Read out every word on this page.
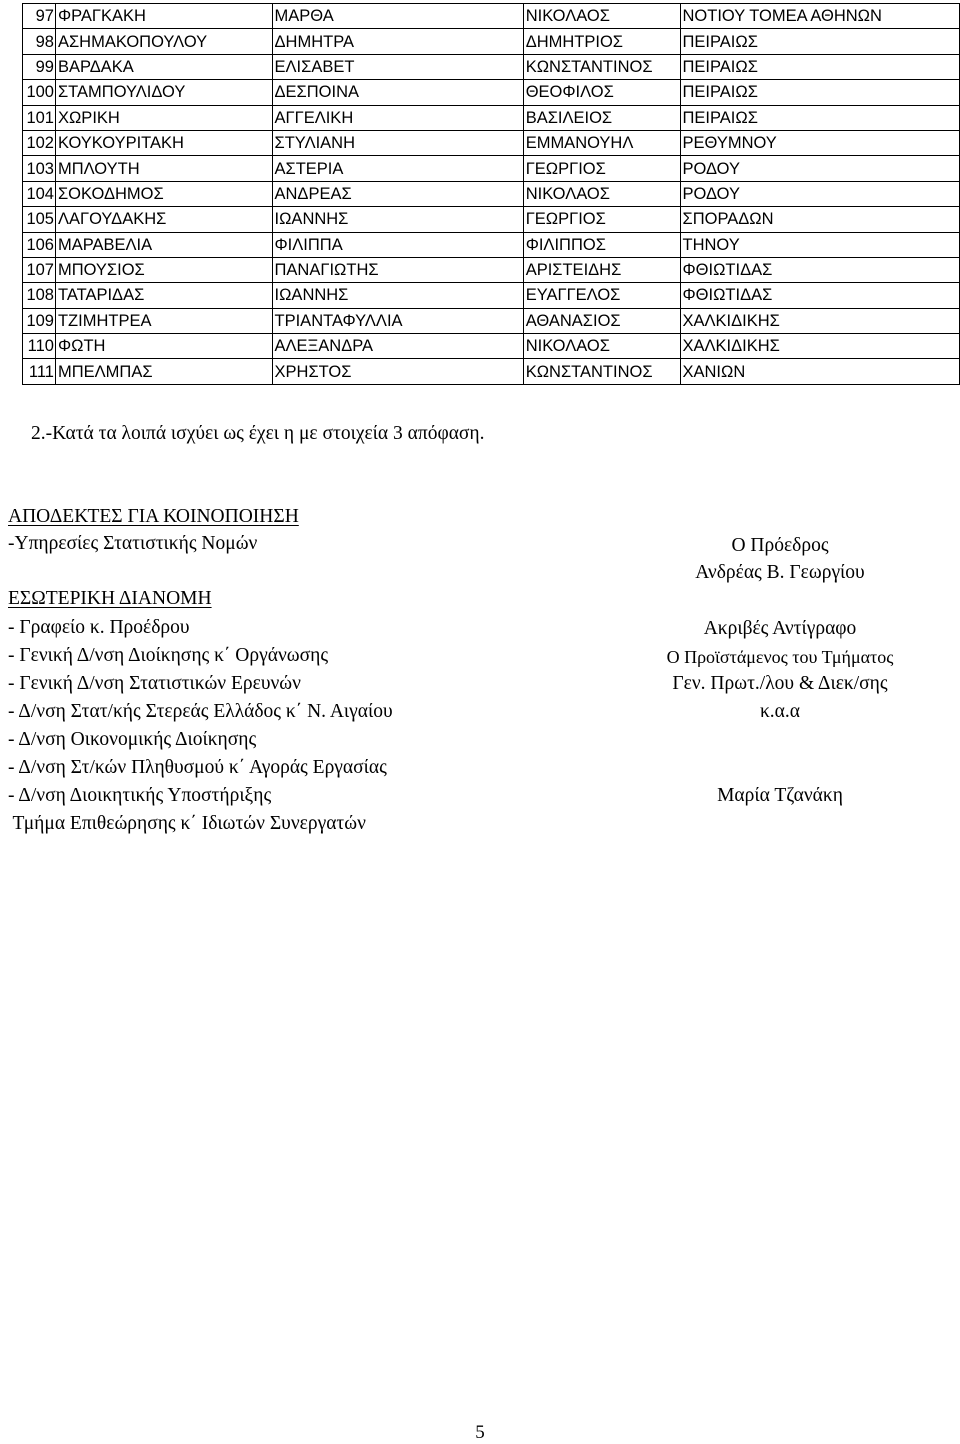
97	ΦΡΑΓΚΑΚΗ	ΜΑΡΘΑ	ΝΙΚΟΛΑΟΣ	ΝΟΤΙΟΥ ΤΟΜΕΑ ΑΘΗΝΩΝ
98	ΑΣΗΜΑΚΟΠΟΥΛΟΥ	ΔΗΜΗΤΡΑ	ΔΗΜΗΤΡΙΟΣ	ΠΕΙΡΑΙΩΣ
99	ΒΑΡΔΑΚΑ	ΕΛΙΣΑΒΕΤ	ΚΩΝΣΤΑΝΤΙΝΟΣ	ΠΕΙΡΑΙΩΣ
100	ΣΤΑΜΠΟΥΛΙΔΟΥ	ΔΕΣΠΟΙΝΑ	ΘΕΟΦΙΛΟΣ	ΠΕΙΡΑΙΩΣ
101	ΧΩΡΙΚΗ	ΑΓΓΕΛΙΚΗ	ΒΑΣΙΛΕΙΟΣ	ΠΕΙΡΑΙΩΣ
102	ΚΟΥΚΟΥΡΙΤΑΚΗ	ΣΤΥΛΙΑΝΗ	ΕΜΜΑΝΟΥΗΛ	ΡΕΘΥΜΝΟΥ
103	ΜΠΛΟΥΤΗ	ΑΣΤΕΡΙΑ	ΓΕΩΡΓΙΟΣ	ΡΟΔΟΥ
104	ΣΟΚΟΔΗΜΟΣ	ΑΝΔΡΕΑΣ	ΝΙΚΟΛΑΟΣ	ΡΟΔΟΥ
105	ΛΑΓΟΥΔΑΚΗΣ	ΙΩΑΝΝΗΣ	ΓΕΩΡΓΙΟΣ	ΣΠΟΡΑΔΩΝ
106	ΜΑΡΑΒΕΛΙΑ	ΦΙΛΙΠΠΑ	ΦΙΛΙΠΠΟΣ	ΤΗΝΟΥ
107	ΜΠΟΥΣΙΟΣ	ΠΑΝΑΓΙΩΤΗΣ	ΑΡΙΣΤΕΙΔΗΣ	ΦΘΙΩΤΙΔΑΣ
108	ΤΑΤΑΡΙΔΑΣ	ΙΩΑΝΝΗΣ	ΕΥΑΓΓΕΛΟΣ	ΦΘΙΩΤΙΔΑΣ
109	ΤΖΙΜΗΤΡΕΑ	ΤΡΙΑΝΤΑΦΥΛΛΙΑ	ΑΘΑΝΑΣΙΟΣ	ΧΑΛΚΙΔΙΚΗΣ
110	ΦΩΤΗ	ΑΛΕΞΑΝΔΡΑ	ΝΙΚΟΛΑΟΣ	ΧΑΛΚΙΔΙΚΗΣ
111	ΜΠΕΛΜΠΑΣ	ΧΡΗΣΤΟΣ	ΚΩΝΣΤΑΝΤΙΝΟΣ	ΧΑΝΙΩΝ
2.-Κατά τα λοιπά ισχύει ως έχει η με στοιχεία 3 απόφαση.
ΑΠΟΔΕΚΤΕΣ ΓΙΑ ΚΟΙΝΟΠΟΙΗΣΗ
-Υπηρεσίες Στατιστικής Νομών
ΕΣΩΤΕΡΙΚΗ ΔΙΑΝΟΜΗ
- Γραφείο κ. Προέδρου
- Γενική Δ/νση Διοίκησης κ΄ Οργάνωσης
- Γενική Δ/νση Στατιστικών Ερευνών
- Δ/νση Στατ/κής Στερεάς Ελλάδος κ΄ Ν. Αιγαίου
- Δ/νση Οικονομικής Διοίκησης
- Δ/νση Στ/κών Πληθυσμού κ΄ Αγοράς Εργασίας
- Δ/νση Διοικητικής Υποστήριξης
Τμήμα Επιθεώρησης κ΄ Ιδιωτών Συνεργατών
Ο Πρόεδρος
Ανδρέας Β. Γεωργίου
Ακριβές Αντίγραφο
Ο Προϊστάμενος του Τμήματος
Γεν. Πρωτ./λου & Διεκ/σης
κ.α.α
Μαρία Τζανάκη
5
